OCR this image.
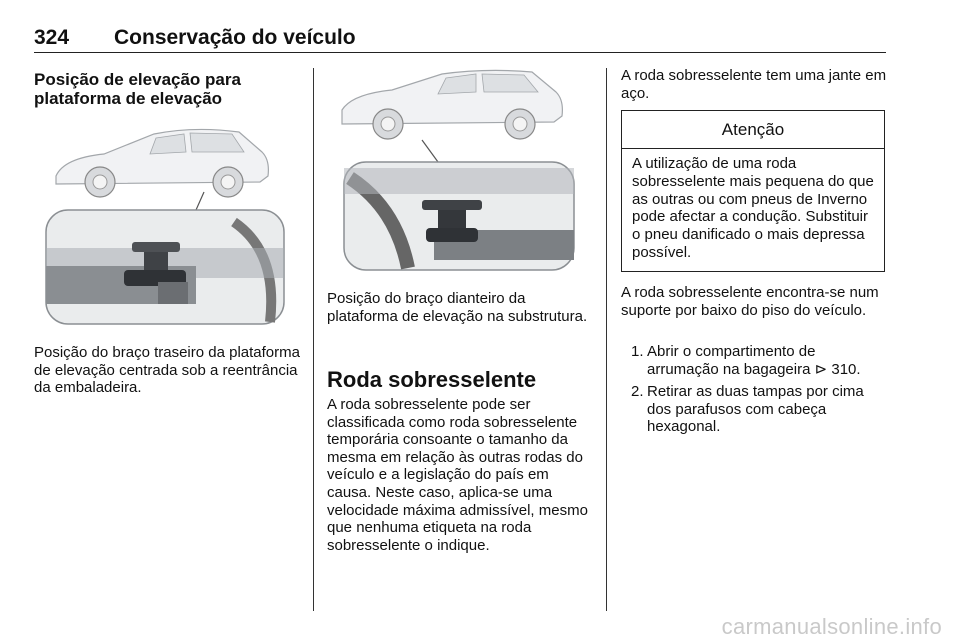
324 Conservação do veículo
Posição de elevação para plataforma de elevação

Posição do braço traseiro da plataforma de elevação centrada sob a reentrância da embaladeira.

Posição do braço dianteiro da plataforma de elevação na substrutura.

Roda sobresselente

A roda sobresselente pode ser classificada como roda sobresselente temporária consoante o tamanho da mesma em relação às outras rodas do veículo e a legislação do país em causa. Neste caso, aplica-se uma velocidade máxima admissível, mesmo que nenhuma etiqueta na roda sobresselente o indique.

A roda sobresselente tem uma jante em aço.

Atenção
A utilização de uma roda sobresselente mais pequena do que as outras ou com pneus de Inverno pode afectar a condução. Substituir o pneu danificado o mais depressa possível.

A roda sobresselente encontra-se num suporte por baixo do piso do veículo.

1. Abrir o compartimento de arrumação na bagageira ⊳ 310.
2. Retirar as duas tampas por cima dos parafusos com cabeça hexagonal.
carmanualsonline.info
